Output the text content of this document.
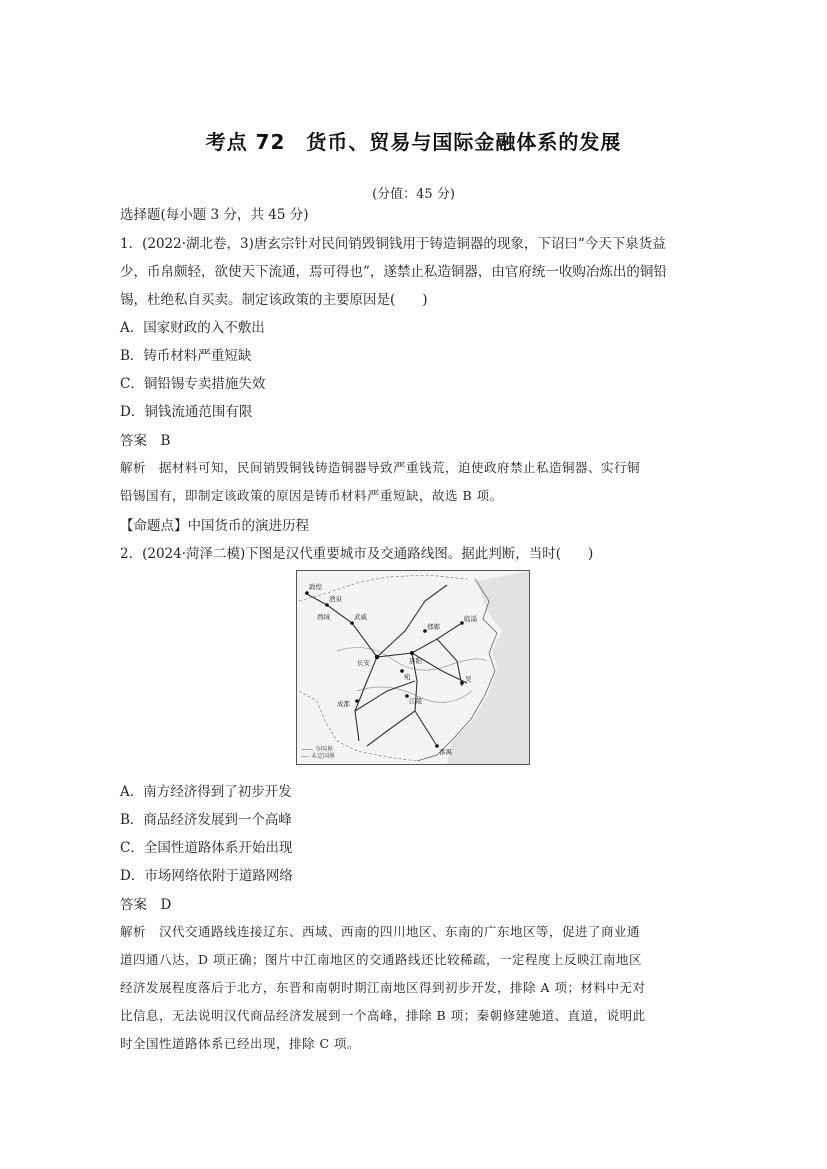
考点 72　货币、贸易与国际金融体系的发展
(分值：45 分)
选择题(每小题 3 分，共 45 分)
1．(2022·湖北卷，3)唐玄宗针对民间销毁铜钱用于铸造铜器的现象，下诏曰“今天下泉货益
少，币帛颇轻，欲使天下流通，焉可得也”，遂禁止私造铜器，由官府统一收购冶炼出的铜铅
锡，杜绝私自买卖。制定该政策的主要原因是(　　)
A．国家财政的入不敷出
B．铸币材料严重短缺
C．铜铅锡专卖措施失效
D．铜钱流通范围有限
答案　B
解析　据材料可知，民间销毁铜钱铸造铜器导致严重钱荒，迫使政府禁止私造铜器、实行铜
铅锡国有，即制定该政策的原因是铸币材料严重短缺，故选 B 项。
【命题点】中国货币的演进历程
2．(2024·菏泽二模)下图是汉代重要城市及交通路线图。据此判断，当时(　　)
敦煌
酒泉
武威
西域
长安	洛阳
邯郸
临淄
宛
成都	江陵
吴
番禺
—— 今国界
---- 未定国界
A．南方经济得到了初步开发
B．商品经济发展到一个高峰
C．全国性道路体系开始出现
D．市场网络依附于道路网络
答案　D
解析　汉代交通路线连接辽东、西域、西南的四川地区、东南的广东地区等，促进了商业通
道四通八达，D 项正确；图片中江南地区的交通路线还比较稀疏，一定程度上反映江南地区
经济发展程度落后于北方，东晋和南朝时期江南地区得到初步开发，排除 A 项；材料中无对
比信息，无法说明汉代商品经济发展到一个高峰，排除 B 项；秦朝修建驰道、直道，说明此
时全国性道路体系已经出现，排除 C 项。
